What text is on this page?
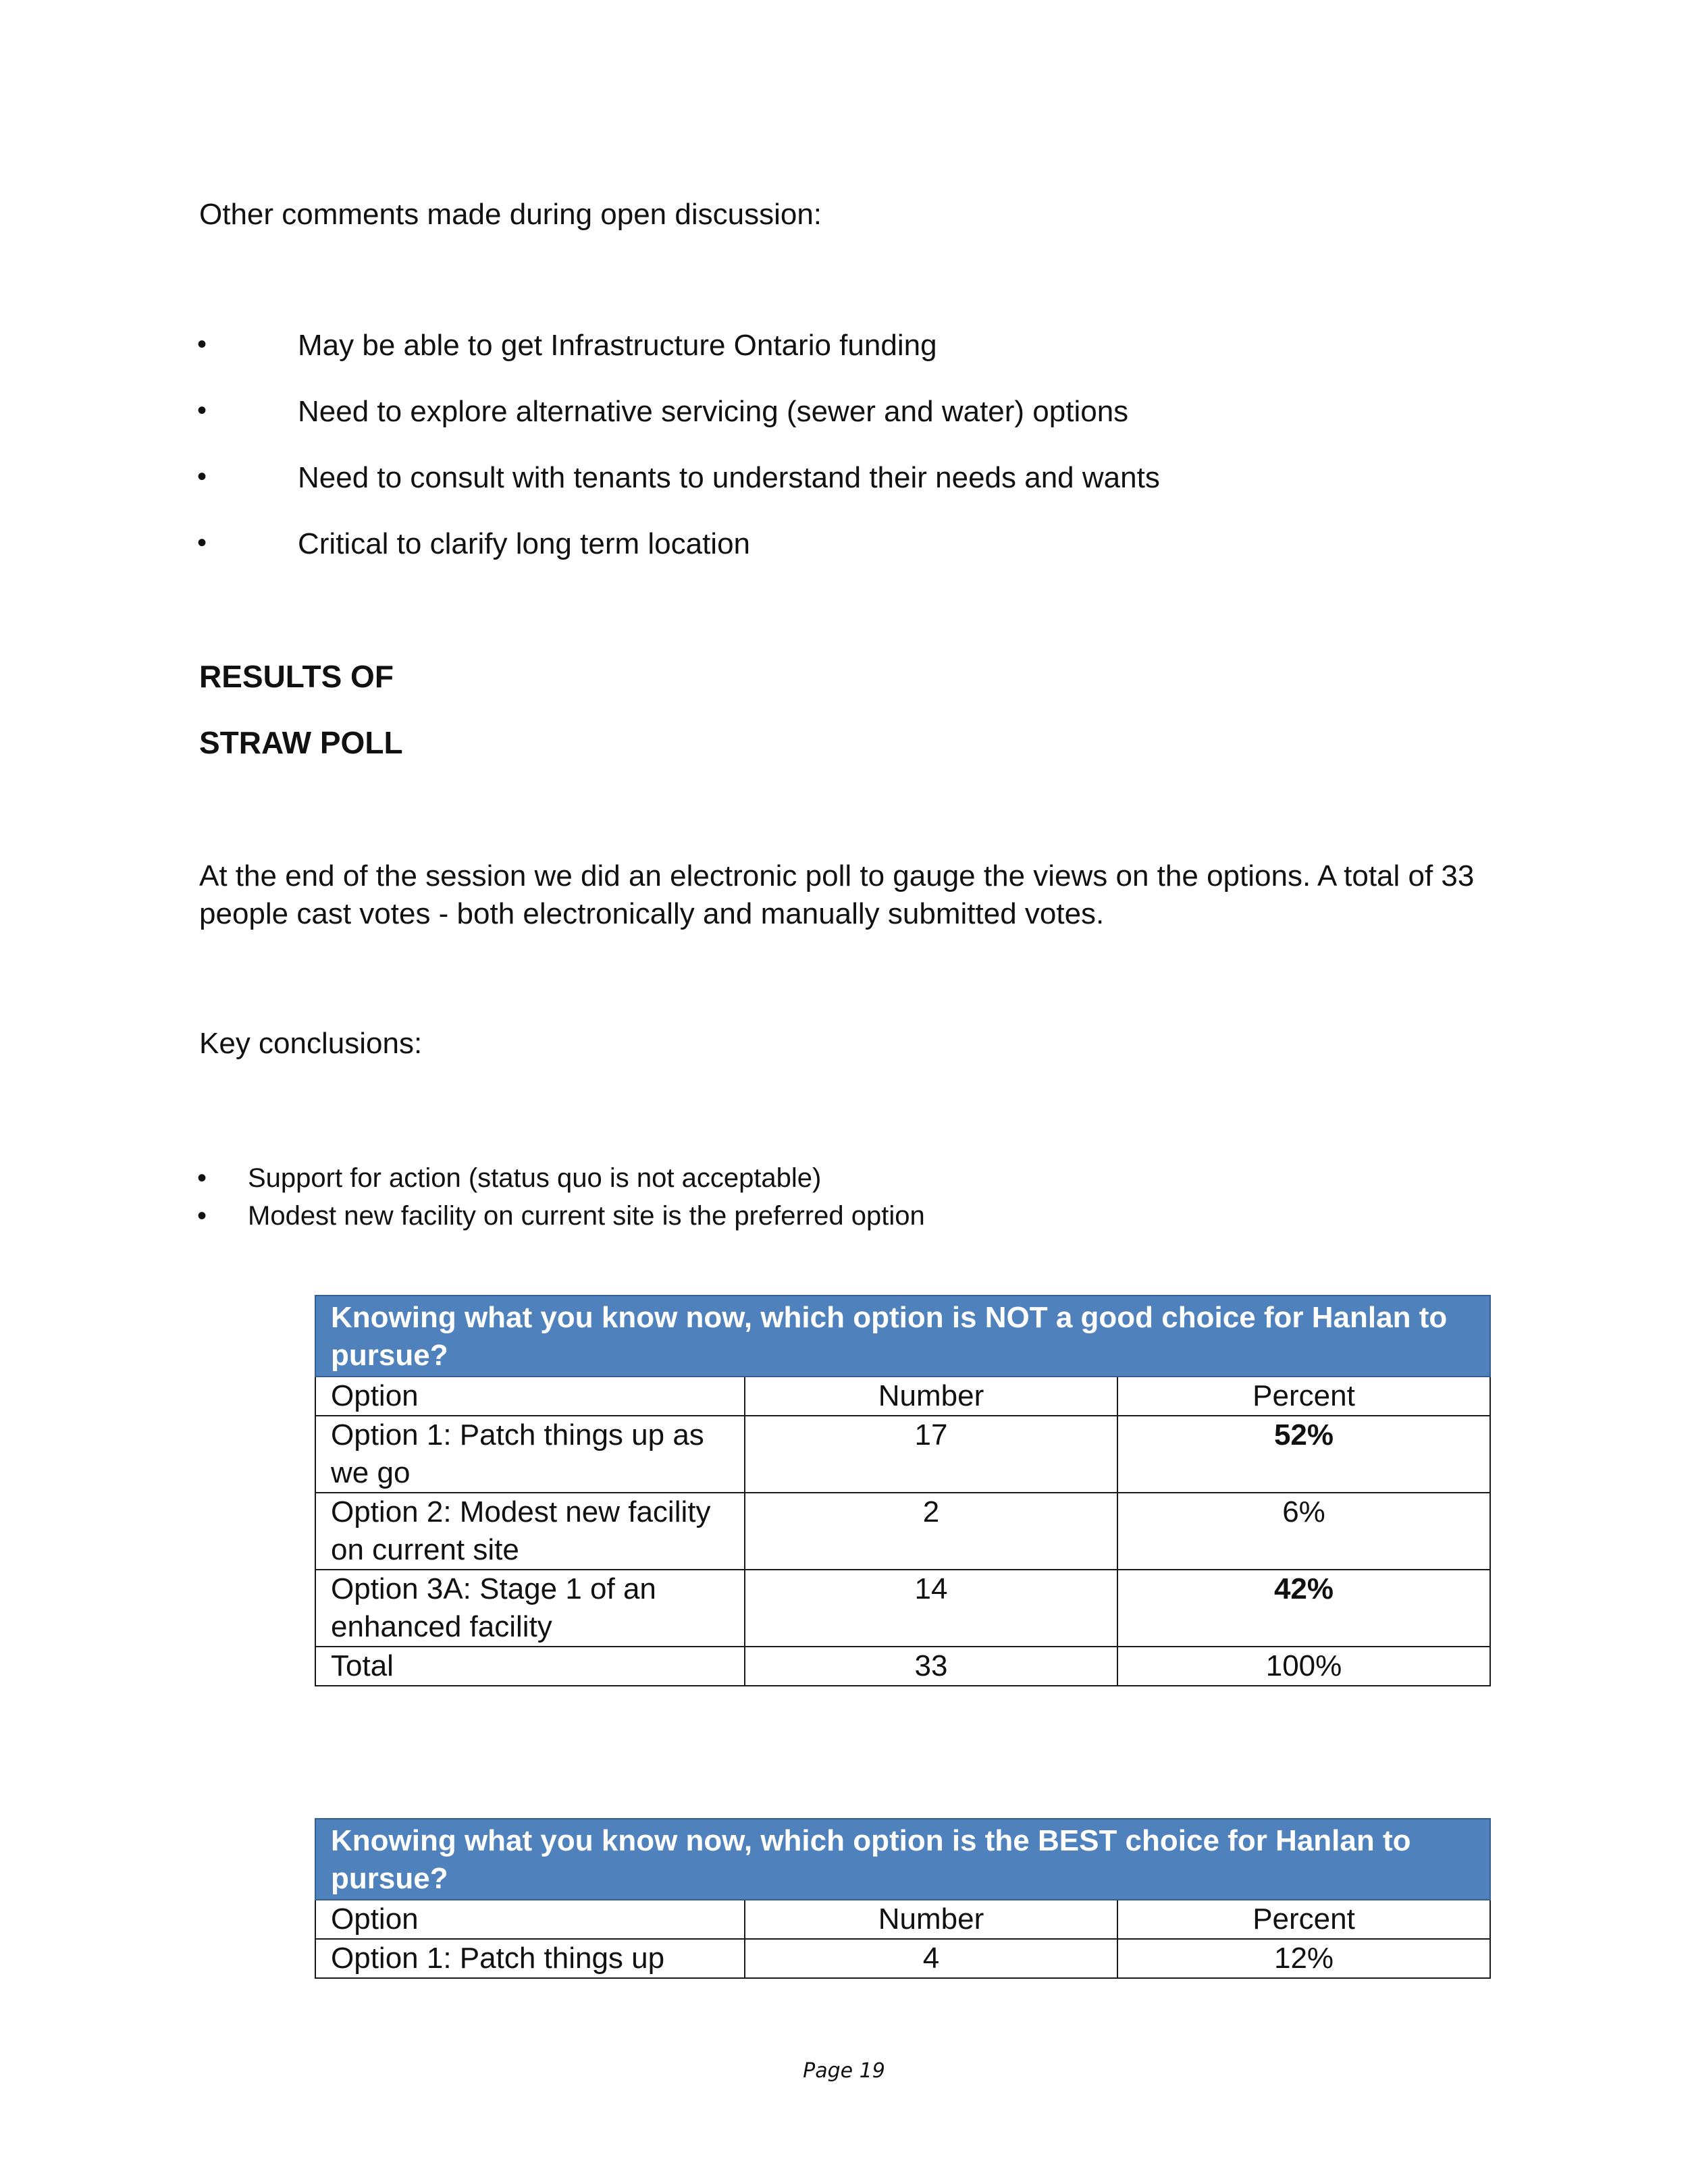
Other comments made during open discussion:

•	May be able to get Infrastructure Ontario funding

•	Need to explore alternative servicing (sewer and water) options

•	Need to consult with tenants to understand their needs and wants

•	Critical to clarify long term location

RESULTS OF

STRAW POLL

At the end of the session we did an electronic poll to gauge the views on the options. A total of 33 people cast votes - both electronically and manually submitted votes.

Key conclusions:

• Support for action (status quo is not acceptable)
• Modest new facility on current site is the preferred option
Knowing what you know now, which option is NOT a good choice for Hanlan to pursue?		
Option	Number	Percent
Option 1: Patch things up as we go	17	52%
Option 2: Modest new facility on current site	2	6%
Option 3A: Stage 1 of an enhanced facility	14	42%
Total	33	100%
Knowing what you know now, which option is the BEST choice for Hanlan to pursue?		
Option	Number	Percent
Option 1: Patch things up	4	12%
Page 19
